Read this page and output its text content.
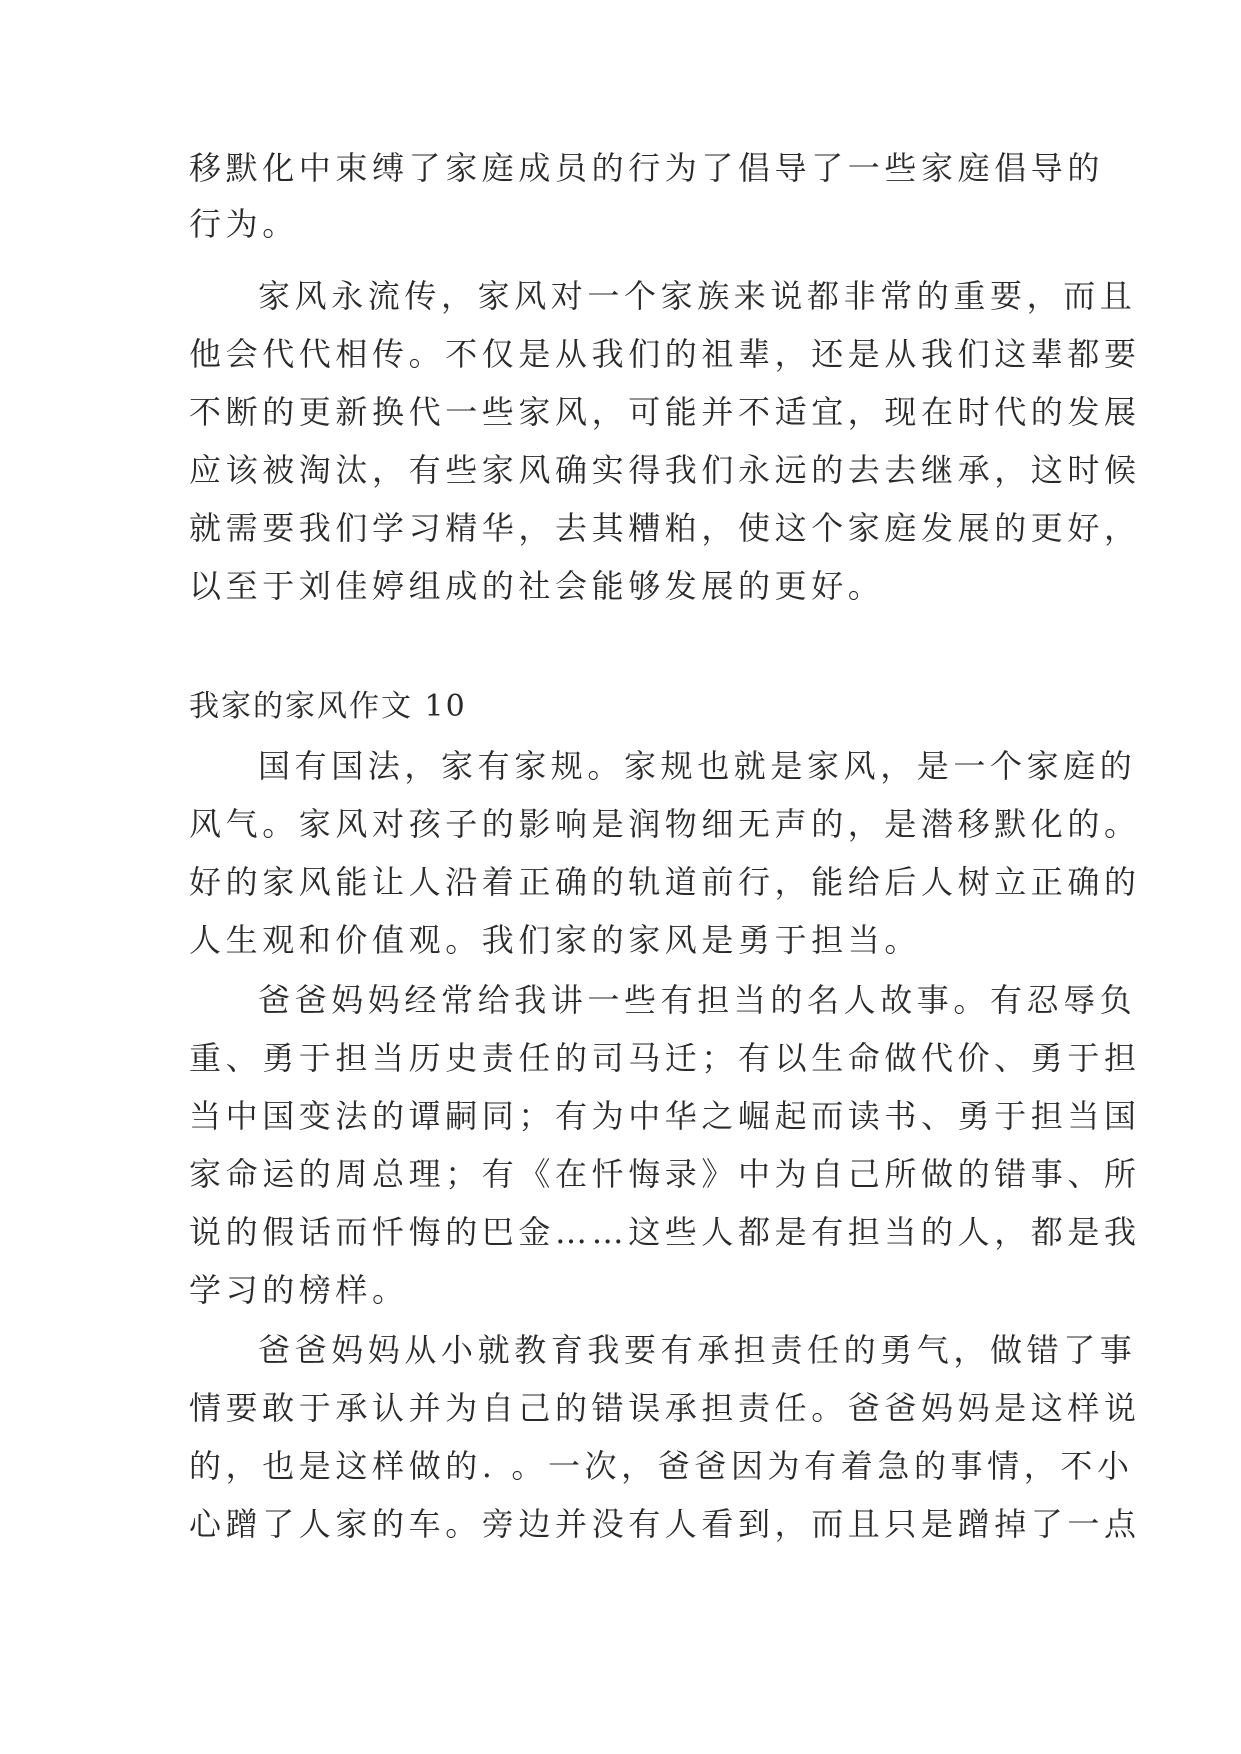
移默化中束缚了家庭成员的行为了倡导了一些家庭倡导的
行为。
家风永流传，家风对一个家族来说都非常的重要，而且
他会代代相传。不仅是从我们的祖辈，还是从我们这辈都要
不断的更新换代一些家风，可能并不适宜，现在时代的发展
应该被淘汰，有些家风确实得我们永远的去去继承，这时候
就需要我们学习精华，去其糟粕，使这个家庭发展的更好，
以至于刘佳婷组成的社会能够发展的更好。
我家的家风作文 10
国有国法，家有家规。家规也就是家风，是一个家庭的
风气。家风对孩子的影响是润物细无声的，是潜移默化的。
好的家风能让人沿着正确的轨道前行，能给后人树立正确的
人生观和价值观。我们家的家风是勇于担当。
爸爸妈妈经常给我讲一些有担当的名人故事。有忍辱负
重、勇于担当历史责任的司马迁；有以生命做代价、勇于担
当中国变法的谭嗣同；有为中华之崛起而读书、勇于担当国
家命运的周总理；有《在忏悔录》中为自己所做的错事、所
说的假话而忏悔的巴金……这些人都是有担当的人，都是我
学习的榜样。
爸爸妈妈从小就教育我要有承担责任的勇气，做错了事
情要敢于承认并为自己的错误承担责任。爸爸妈妈是这样说
的，也是这样做的. 。一次，爸爸因为有着急的事情，不小
心蹭了人家的车。旁边并没有人看到，而且只是蹭掉了一点
